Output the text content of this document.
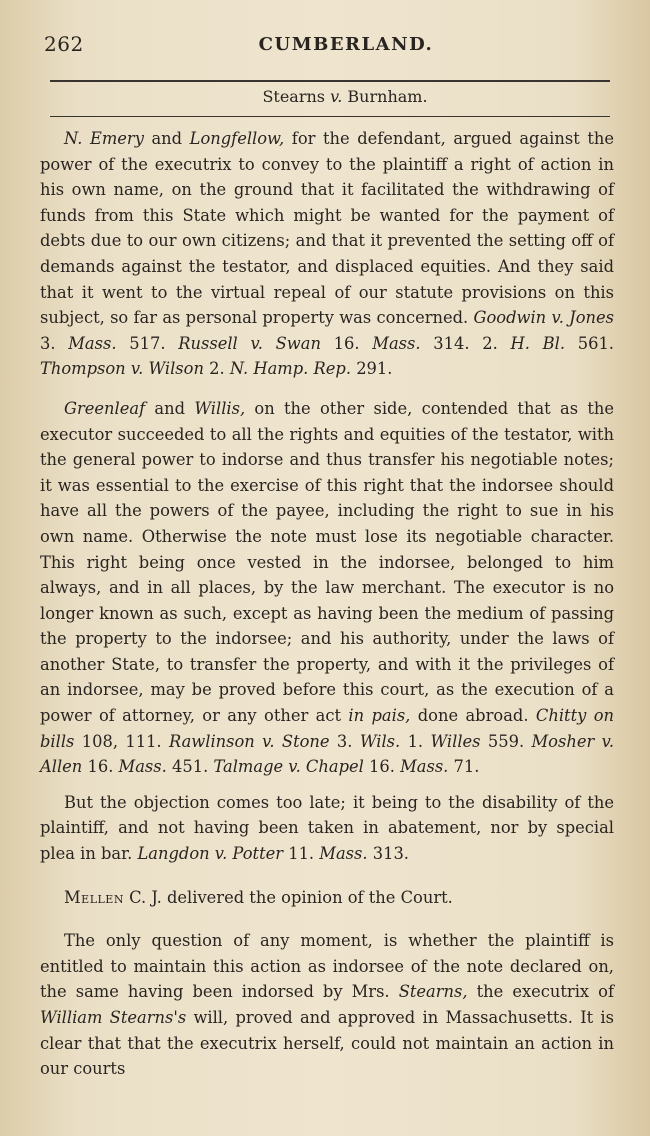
262	CUMBERLAND.
Stearns v. Burnham.

N. Emery and Longfellow, for the defendant, argued against the power of the executrix to convey to the plaintiff a right of action in his own name, on the ground that it facilitated the withdrawing of funds from this State which might be wanted for the payment of debts due to our own citizens; and that it prevented the setting off of demands against the testator, and displaced equities. And they said that it went to the virtual repeal of our statute provisions on this subject, so far as personal property was concerned. Goodwin v. Jones 3. Mass. 517. Russell v. Swan 16. Mass. 314. 2. H. Bl. 561. Thompson v. Wilson 2. N. Hamp. Rep. 291.

Greenleaf and Willis, on the other side, contended that as the executor succeeded to all the rights and equities of the testator, with the general power to indorse and thus transfer his negotiable notes; it was essential to the exercise of this right that the indorsee should have all the powers of the payee, including the right to sue in his own name. Otherwise the note must lose its negotiable character. This right being once vested in the indorsee, belonged to him always, and in all places, by the law merchant. The executor is no longer known as such, except as having been the medium of passing the property to the indorsee; and his authority, under the laws of another State, to transfer the property, and with it the privileges of an indorsee, may be proved before this court, as the execution of a power of attorney, or any other act in pais, done abroad. Chitty on bills 108, 111. Rawlinson v. Stone 3. Wils. 1. Willes 559. Mosher v. Allen 16. Mass. 451. Talmage v. Chapel 16. Mass. 71.

But the objection comes too late; it being to the disability of the plaintiff, and not having been taken in abatement, nor by special plea in bar. Langdon v. Potter 11. Mass. 313.

Mellen C. J. delivered the opinion of the Court.

The only question of any moment, is whether the plaintiff is entitled to maintain this action as indorsee of the note declared on, the same having been indorsed by Mrs. Stearns, the executrix of William Stearns's will, proved and approved in Massachusetts. It is clear that that the executrix herself, could not maintain an action in our courts
